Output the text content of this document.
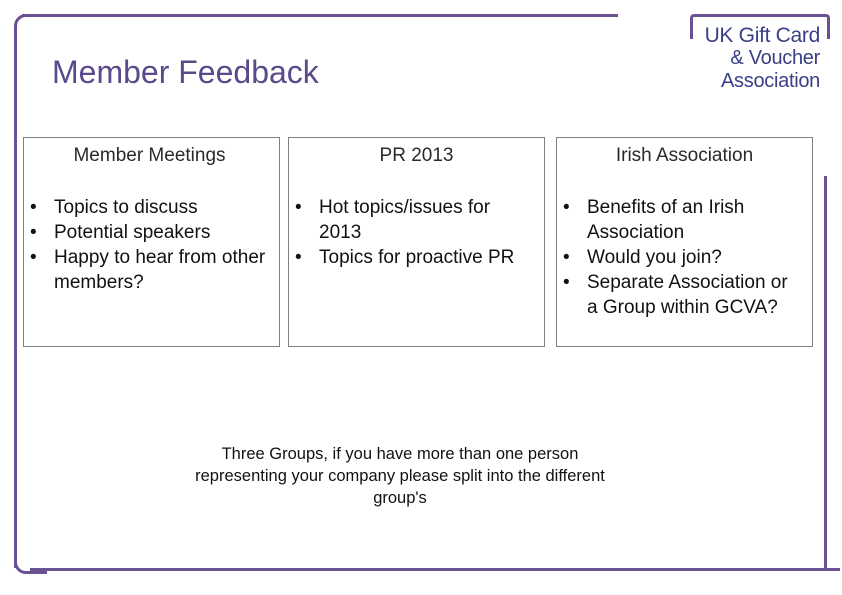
UK Gift Card
& Voucher
Association
Member Feedback
Member Meetings
• Topics to discuss
• Potential speakers
• Happy to hear from other members?
PR 2013
• Hot topics/issues for 2013
• Topics for proactive PR
Irish Association
• Benefits of an Irish Association
• Would you join?
• Separate Association or a Group within GCVA?
Three Groups, if you have more than one person representing your company please split into the different group's
